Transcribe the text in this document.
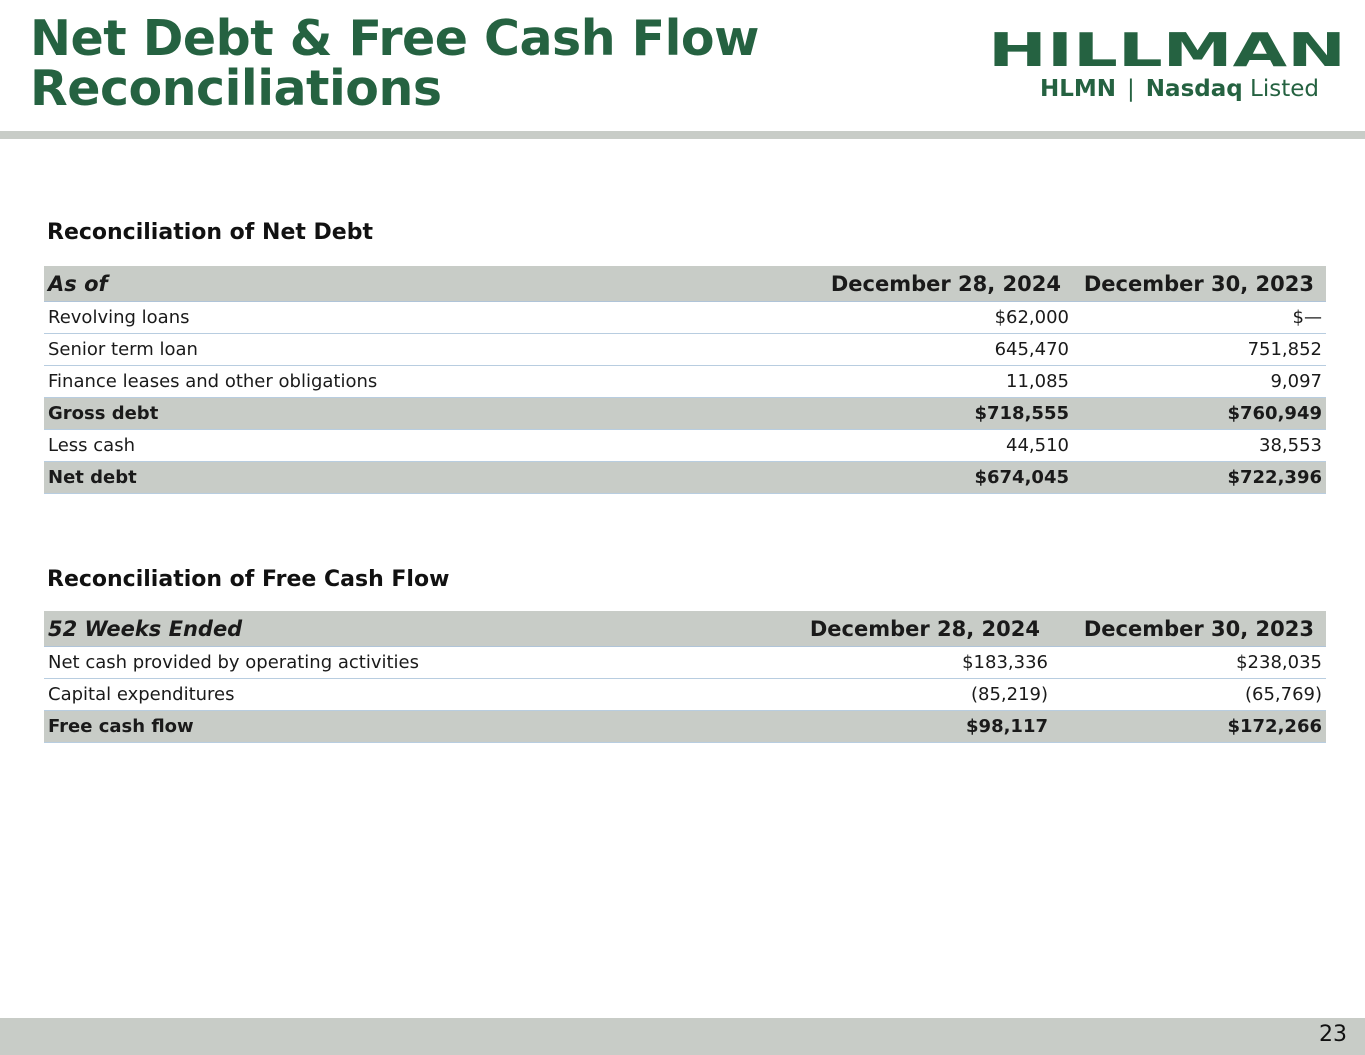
Net Debt & Free Cash Flow
Reconciliations
HILLMAN
HLMN | Nasdaq Listed
Reconciliation of Net Debt
As of	December 28, 2024	December 30, 2023
Revolving loans	$62,000	$—
Senior term loan	645,470	751,852
Finance leases and other obligations	11,085	9,097
Gross debt	$718,555	$760,949
Less cash	44,510	38,553
Net debt	$674,045	$722,396
Reconciliation of Free Cash Flow
52 Weeks Ended	December 28, 2024	December 30, 2023
Net cash provided by operating activities	$183,336	$238,035
Capital expenditures	(85,219)	(65,769)
Free cash flow	$98,117	$172,266
23
